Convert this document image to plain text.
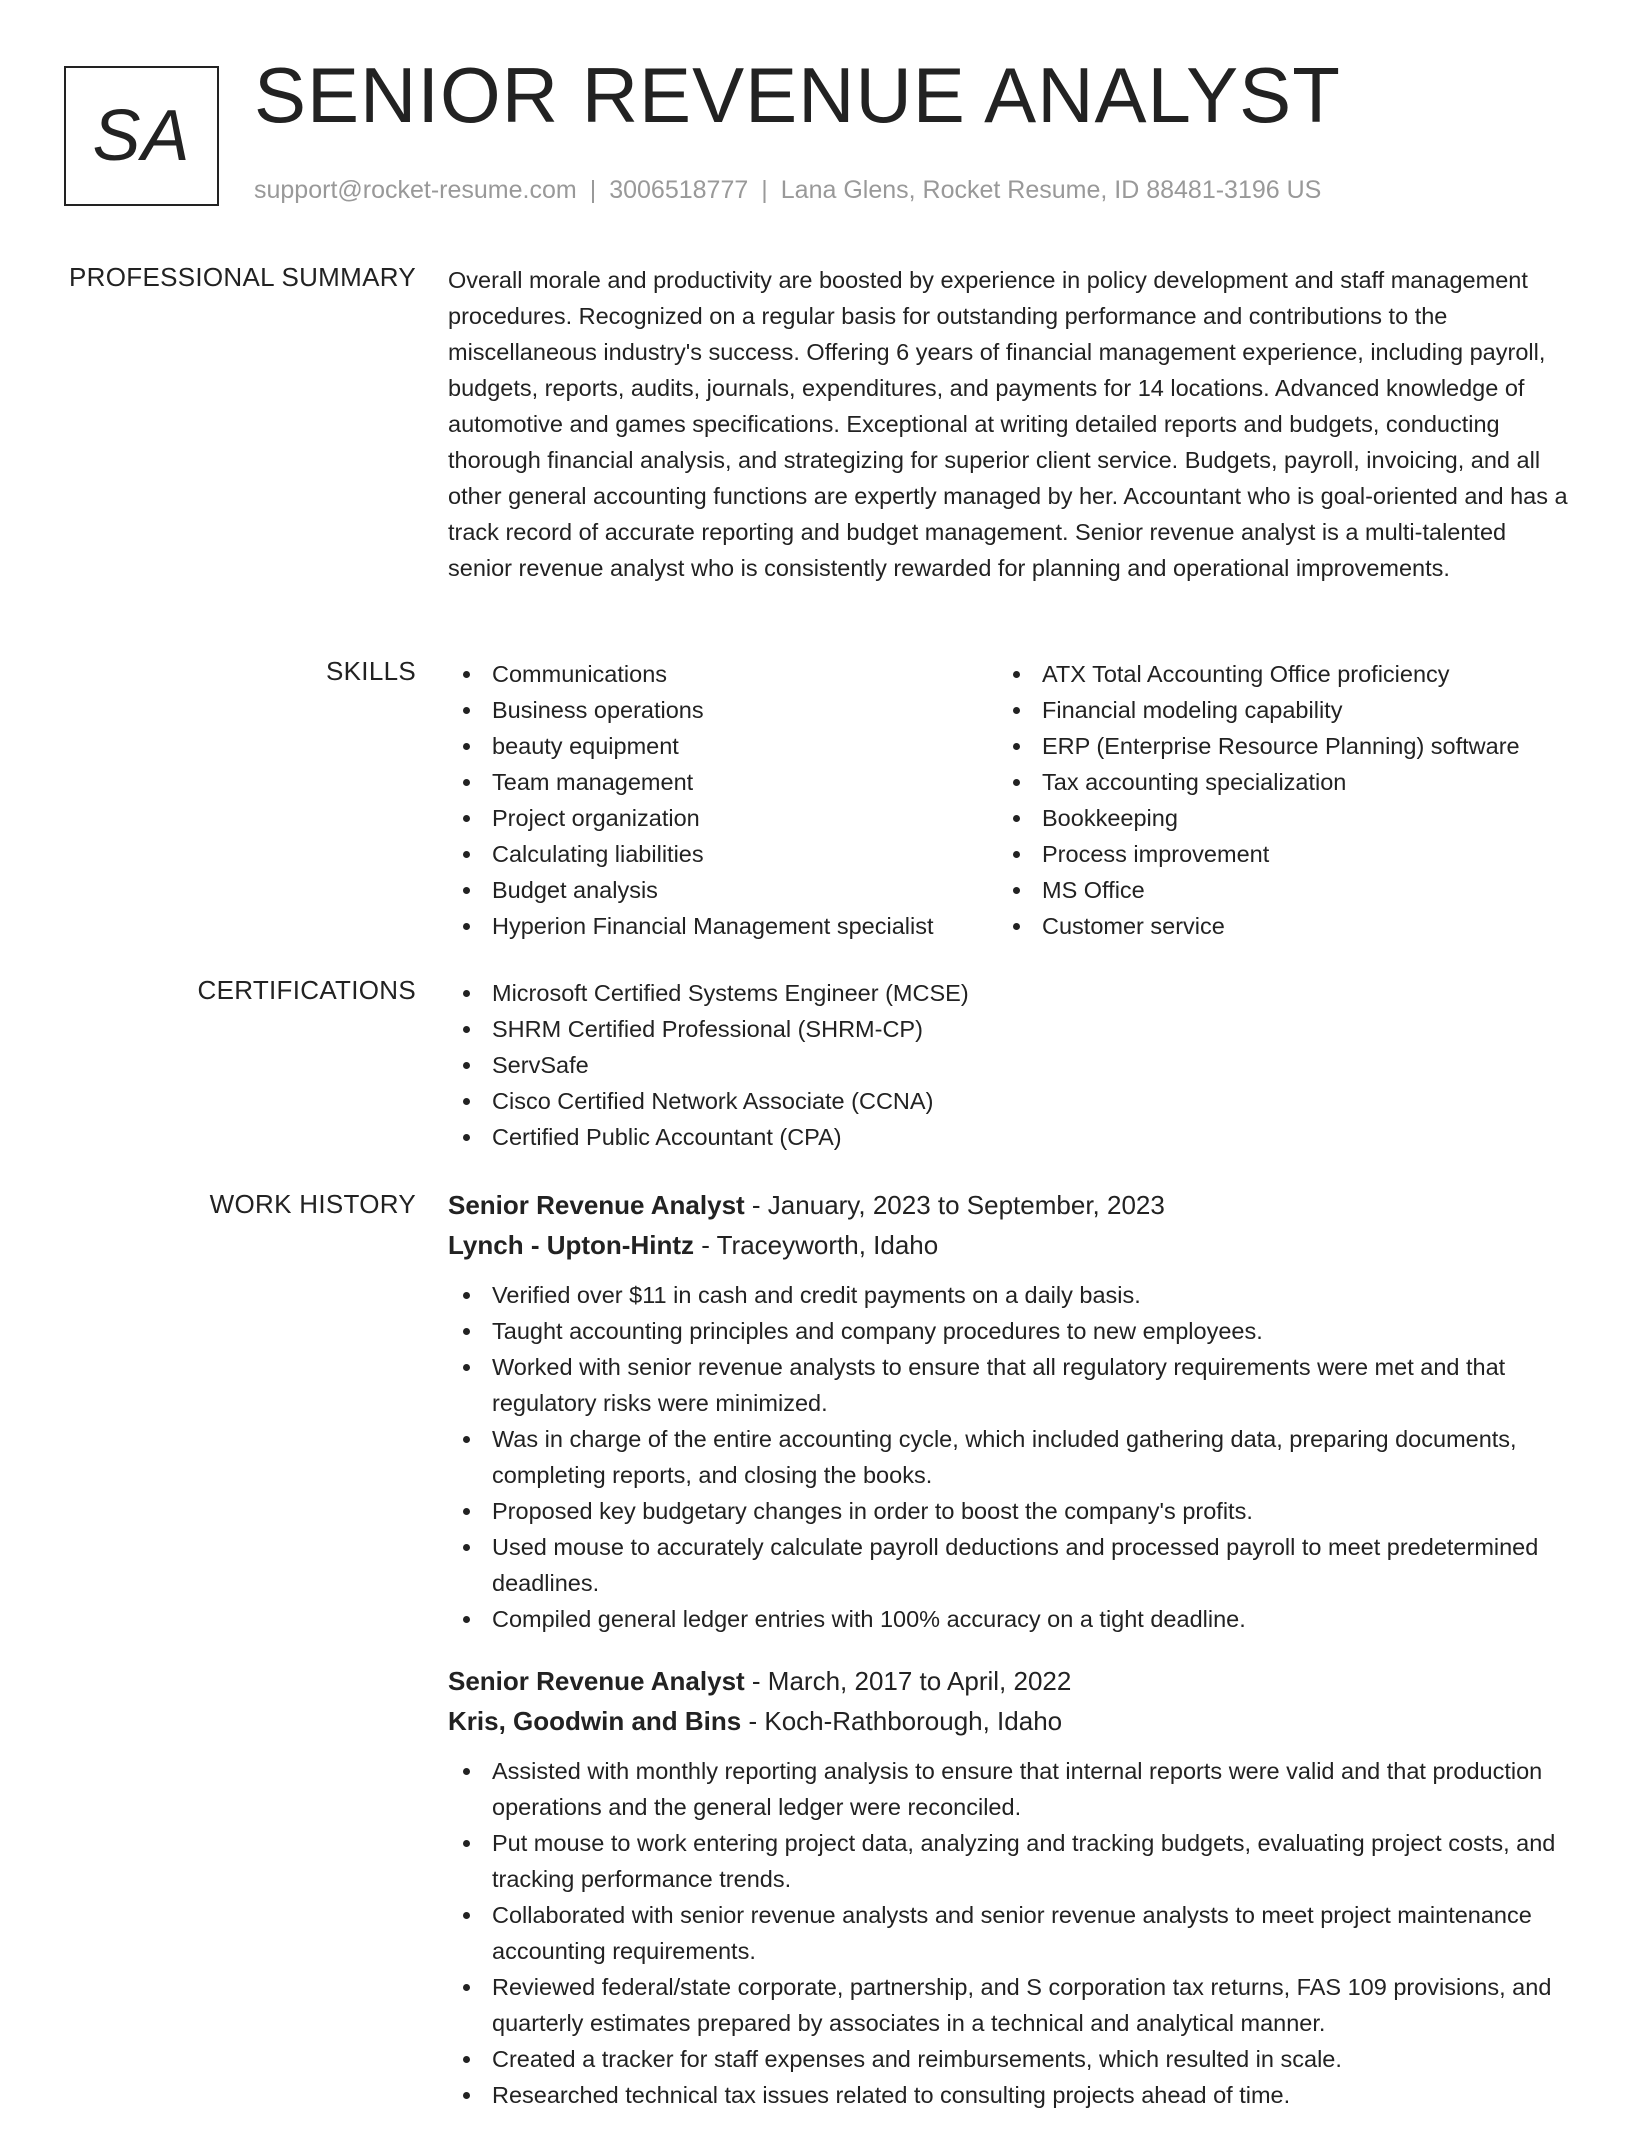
SA SENIOR REVENUE ANALYST
support@rocket-resume.com | 3006518777 | Lana Glens, Rocket Resume, ID 88481-3196 US
PROFESSIONAL SUMMARY Overall morale and productivity are boosted by experience in policy development and staff management procedures. Recognized on a regular basis for outstanding performance and contributions to the miscellaneous industry's success. Offering 6 years of financial management experience, including payroll, budgets, reports, audits, journals, expenditures, and payments for 14 locations. Advanced knowledge of automotive and games specifications. Exceptional at writing detailed reports and budgets, conducting thorough financial analysis, and strategizing for superior client service. Budgets, payroll, invoicing, and all other general accounting functions are expertly managed by her. Accountant who is goal-oriented and has a track record of accurate reporting and budget management. Senior revenue analyst is a multi-talented senior revenue analyst who is consistently rewarded for planning and operational improvements.
SKILLS	Communications
Business operations
beauty equipment
Team management
Project organization
Calculating liabilities
Budget analysis
Hyperion Financial Management specialist
ATX Total Accounting Office proficiency
Financial modeling capability
ERP (Enterprise Resource Planning) software
Tax accounting specialization
Bookkeeping
Process improvement
MS Office
Customer service
CERTIFICATIONS	Microsoft Certified Systems Engineer (MCSE)
SHRM Certified Professional (SHRM-CP)
ServSafe
Cisco Certified Network Associate (CCNA)
Certified Public Accountant (CPA)
WORK HISTORY Senior Revenue Analyst - January, 2023 to September, 2023
Lynch - Upton-Hintz - Traceyworth, Idaho
Verified over $11 in cash and credit payments on a daily basis.
Taught accounting principles and company procedures to new employees.
Worked with senior revenue analysts to ensure that all regulatory requirements were met and that regulatory risks were minimized.
Was in charge of the entire accounting cycle, which included gathering data, preparing documents, completing reports, and closing the books.
Proposed key budgetary changes in order to boost the company's profits.
Used mouse to accurately calculate payroll deductions and processed payroll to meet predetermined deadlines.
Compiled general ledger entries with 100% accuracy on a tight deadline.
Senior Revenue Analyst - March, 2017 to April, 2022
Kris, Goodwin and Bins - Koch-Rathborough, Idaho
Assisted with monthly reporting analysis to ensure that internal reports were valid and that production operations and the general ledger were reconciled.
Put mouse to work entering project data, analyzing and tracking budgets, evaluating project costs, and tracking performance trends.
Collaborated with senior revenue analysts and senior revenue analysts to meet project maintenance accounting requirements.
Reviewed federal/state corporate, partnership, and S corporation tax returns, FAS 109 provisions, and quarterly estimates prepared by associates in a technical and analytical manner.
Created a tracker for staff expenses and reimbursements, which resulted in scale.
Researched technical tax issues related to consulting projects ahead of time.
